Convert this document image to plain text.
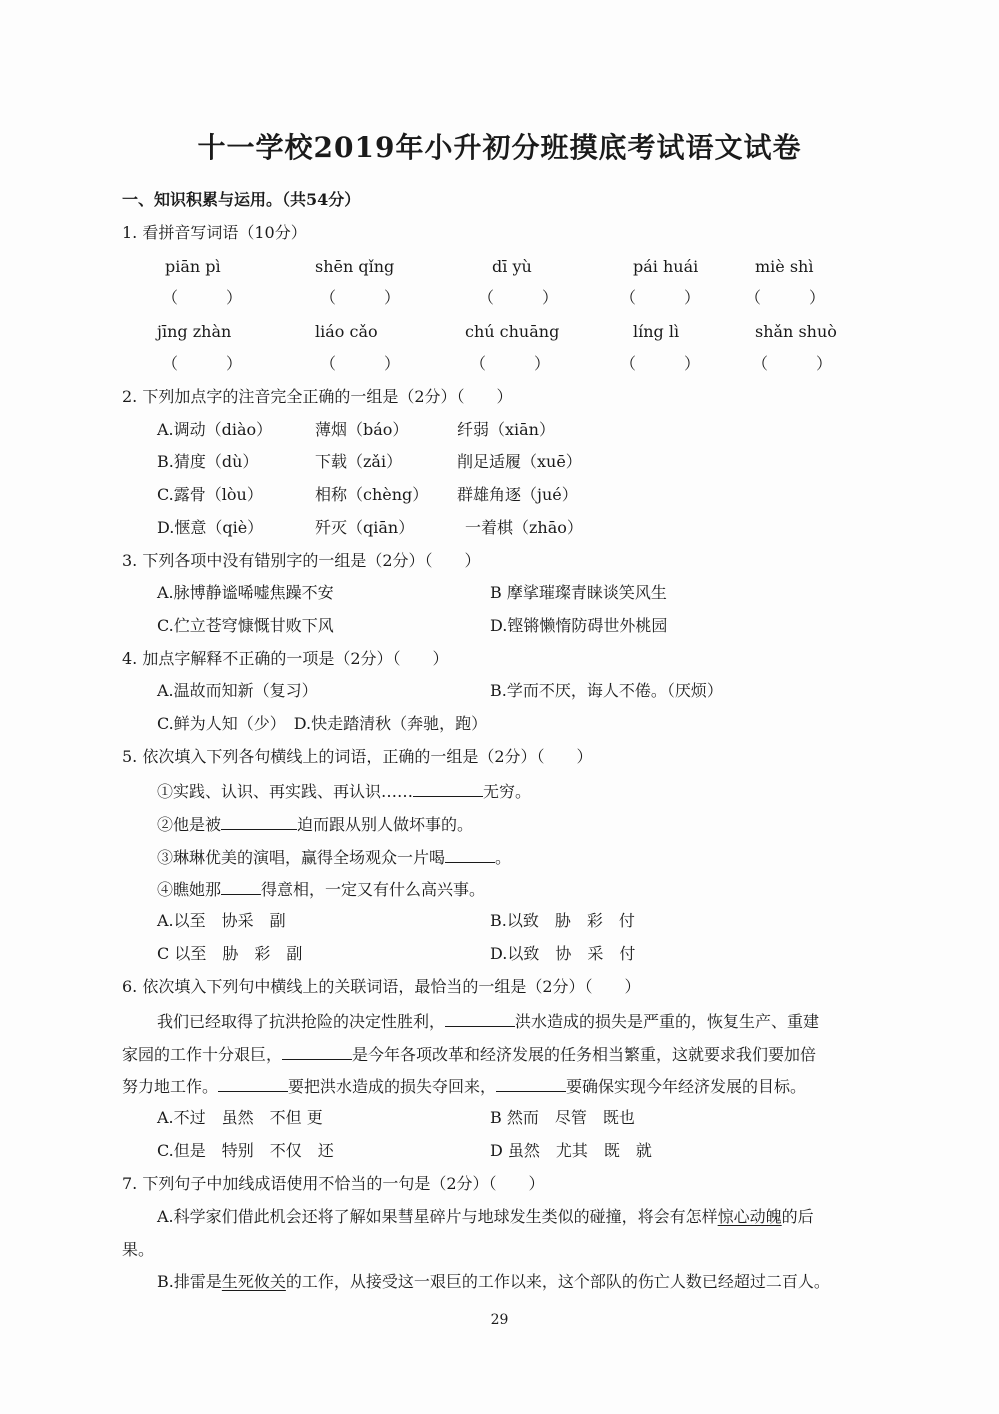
十一学校2019年小升初分班摸底考试语文试卷
一、知识积累与运用。（共54分）
1. 看拼音写词语（10分）
piān pì	shēn qǐng	dī yù	pái huái	miè shì
（　　　）	（　　　）	（　　　）	（　　　）	（　　　）
jīng zhàn	liáo cǎo	chú chuāng	líng lì	shǎn shuò
（　　　）	（　　　）	（　　　）	（　　　）	（　　　）
2. 下列加点字的注音完全正确的一组是（2分）（　　）
A.调动（diào）	薄烟（báo）	纤弱（xiān）
B.猜度（dù）	下载（zǎi）	削足适履（xuē）
C.露骨（lòu）	相称（chèng） 群雄角逐（jué）
D.惬意（qiè）	歼灭（qiān）	一着棋（zhāo）
3. 下列各项中没有错别字的一组是（2分）（　　）
A.脉博静谧唏嘘焦躁不安	B 摩挲璀璨青睐谈笑风生
C.伫立苍穹慷慨甘败下风	D.铿锵懒惰防碍世外桃园
4. 加点字解释不正确的一项是（2分）（　　）
A.温故而知新（复习）	B.学而不厌，诲人不倦。（厌烦）
C.鲜为人知（少）　D.快走踏清秋（奔驰，跑）
5. 依次填入下列各句横线上的词语，正确的一组是（2分）（　　）
①实践、认识、再实践、再认识……	无穷。
②他是被	迫而跟从别人做坏事的。
③琳琳优美的演唱，赢得全场观众一片喝	。
④瞧她那	得意相，一定又有什么高兴事。
A.以至　协采　副	B.以致　胁　彩　付
C 以至　胁　彩　副	D.以致　协　采　付
6. 依次填入下列句中横线上的关联词语，最恰当的一组是（2分）（　　）
我们已经取得了抗洪抢险的决定性胜利，	洪水造成的损失是严重的，恢复生产、重建
家园的工作十分艰巨，	是今年各项改革和经济发展的任务相当繁重，这就要求我们要加倍
努力地工作。	要把洪水造成的损失夺回来，	要确保实现今年经济发展的目标。
A.不过　虽然　不但 更	B 然而　尽管　既也
C.但是　特别　不仅　还	D 虽然　尤其　既　就
7. 下列句子中加线成语使用不恰当的一句是（2分）（　　）
A.科学家们借此机会还将了解如果彗星碎片与地球发生类似的碰撞，将会有怎样惊心动魄的后
果。
B.排雷是生死攸关的工作，从接受这一艰巨的工作以来，这个部队的伤亡人数已经超过二百人。
29
